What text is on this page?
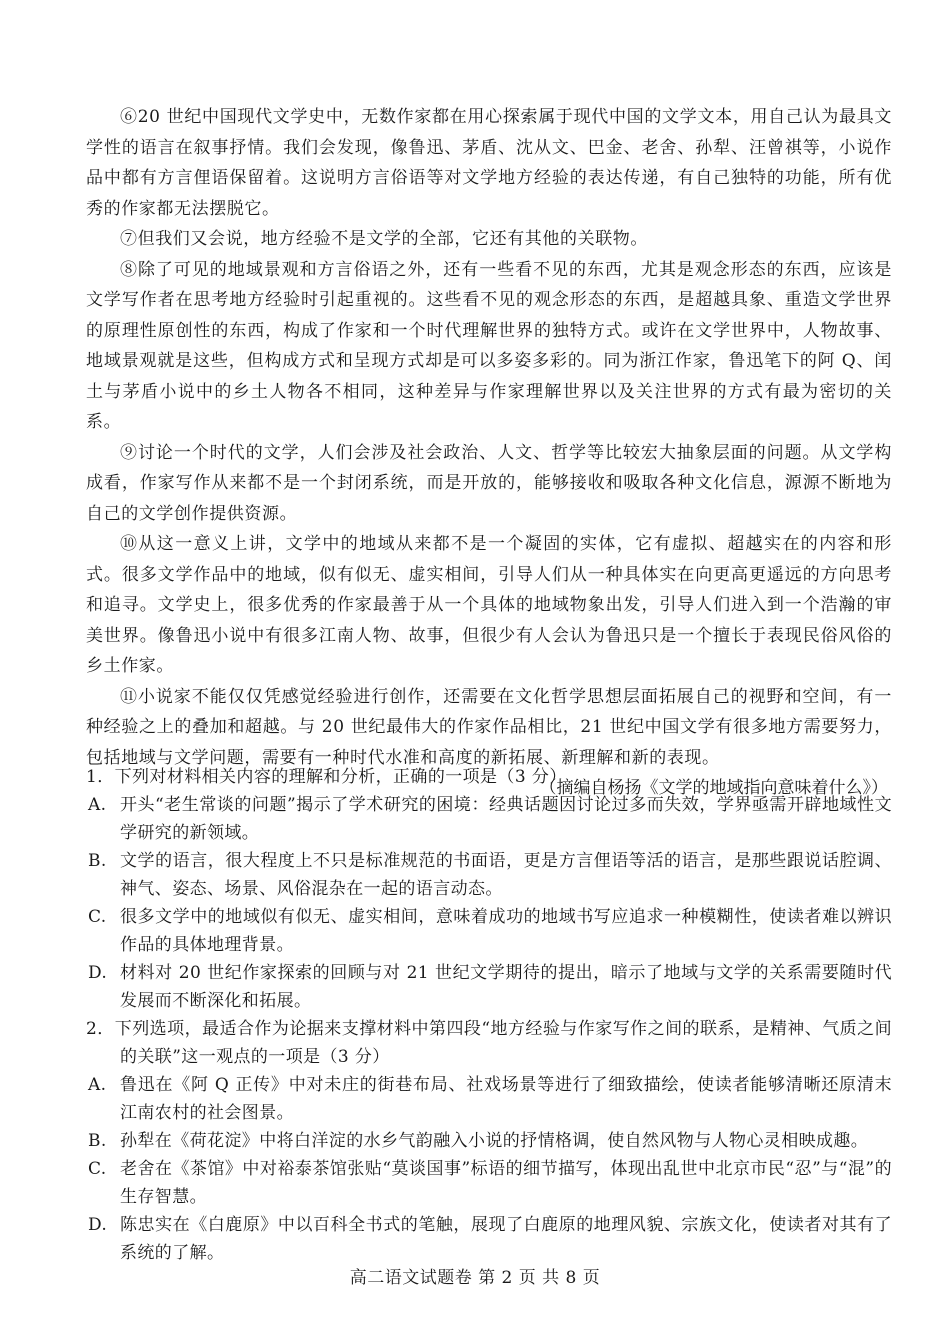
⑥20 世纪中国现代文学史中，无数作家都在用心探索属于现代中国的文学文本，用自己认为最具文学性的语言在叙事抒情。我们会发现，像鲁迅、茅盾、沈从文、巴金、老舍、孙犁、汪曾祺等，小说作品中都有方言俚语保留着。这说明方言俗语等对文学地方经验的表达传递，有自己独特的功能，所有优秀的作家都无法摆脱它。

⑦但我们又会说，地方经验不是文学的全部，它还有其他的关联物。

⑧除了可见的地域景观和方言俗语之外，还有一些看不见的东西，尤其是观念形态的东西，应该是文学写作者在思考地方经验时引起重视的。这些看不见的观念形态的东西，是超越具象、重造文学世界的原理性原创性的东西，构成了作家和一个时代理解世界的独特方式。或许在文学世界中，人物故事、地域景观就是这些，但构成方式和呈现方式却是可以多姿多彩的。同为浙江作家，鲁迅笔下的阿 Q、闰土与茅盾小说中的乡土人物各不相同，这种差异与作家理解世界以及关注世界的方式有最为密切的关系。

⑨讨论一个时代的文学，人们会涉及社会政治、人文、哲学等比较宏大抽象层面的问题。从文学构成看，作家写作从来都不是一个封闭系统，而是开放的，能够接收和吸取各种文化信息，源源不断地为自己的文学创作提供资源。

⑩从这一意义上讲，文学中的地域从来都不是一个凝固的实体，它有虚拟、超越实在的内容和形式。很多文学作品中的地域，似有似无、虚实相间，引导人们从一种具体实在向更高更遥远的方向思考和追寻。文学史上，很多优秀的作家最善于从一个具体的地域物象出发，引导人们进入到一个浩瀚的审美世界。像鲁迅小说中有很多江南人物、故事，但很少有人会认为鲁迅只是一个擅长于表现民俗风俗的乡土作家。

⑪小说家不能仅仅凭感觉经验进行创作，还需要在文化哲学思想层面拓展自己的视野和空间，有一种经验之上的叠加和超越。与 20 世纪最伟大的作家作品相比，21 世纪中国文学有很多地方需要努力，包括地域与文学问题，需要有一种时代水准和高度的新拓展、新理解和新的表现。

（摘编自杨扬《文学的地域指向意味着什么》）

1．下列对材料相关内容的理解和分析，正确的一项是（3 分）

A. 开头“老生常谈的问题”揭示了学术研究的困境：经典话题因讨论过多而失效，学界亟需开辟地域性文学研究的新领域。

B. 文学的语言，很大程度上不只是标准规范的书面语，更是方言俚语等活的语言，是那些跟说话腔调、神气、姿态、场景、风俗混杂在一起的语言动态。

C. 很多文学中的地域似有似无、虚实相间，意味着成功的地域书写应追求一种模糊性，使读者难以辨识作品的具体地理背景。

D. 材料对 20 世纪作家探索的回顾与对 21 世纪文学期待的提出，暗示了地域与文学的关系需要随时代发展而不断深化和拓展。

2．下列选项，最适合作为论据来支撑材料中第四段“地方经验与作家写作之间的联系，是精神、气质之间的关联”这一观点的一项是（3 分）

A. 鲁迅在《阿 Q 正传》中对未庄的街巷布局、社戏场景等进行了细致描绘，使读者能够清晰还原清末江南农村的社会图景。

B. 孙犁在《荷花淀》中将白洋淀的水乡气韵融入小说的抒情格调，使自然风物与人物心灵相映成趣。

C. 老舍在《茶馆》中对裕泰茶馆张贴“莫谈国事”标语的细节描写，体现出乱世中北京市民“忍”与“混”的生存智慧。

D. 陈忠实在《白鹿原》中以百科全书式的笔触，展现了白鹿原的地理风貌、宗族文化，使读者对其有了系统的了解。

高二语文试题卷 第 2 页 共 8 页
